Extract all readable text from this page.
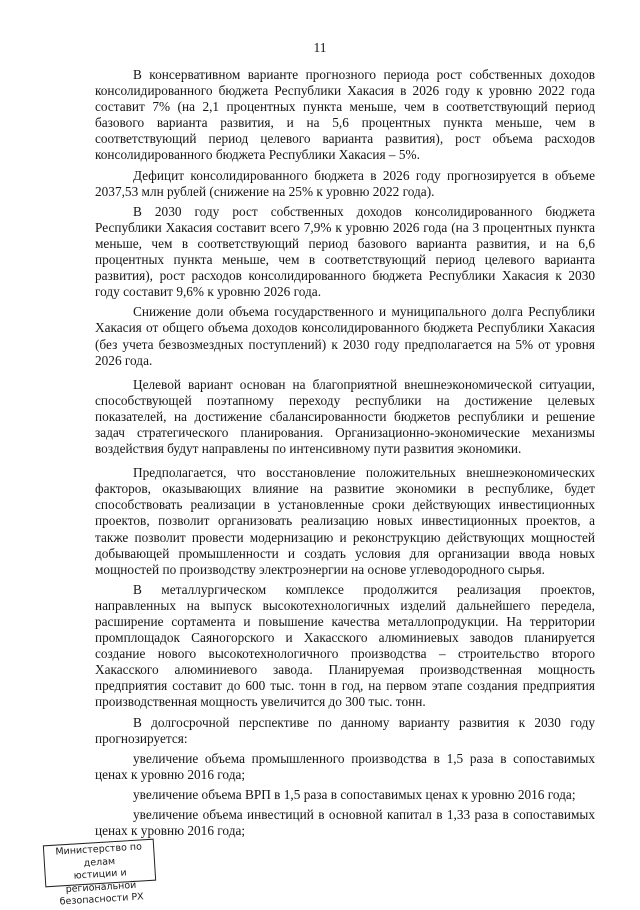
11

В консервативном варианте прогнозного периода рост собственных доходов консолидированного бюджета Республики Хакасия в 2026 году к уровню 2022 года составит 7% (на 2,1 процентных пункта меньше, чем в соответствующий период базового варианта развития, и на 5,6 процентных пункта меньше, чем в соответствующий период целевого варианта развития), рост объема расходов консолидированного бюджета Республики Хакасия – 5%.

Дефицит консолидированного бюджета в 2026 году прогнозируется в объеме 2037,53 млн рублей (снижение на 25% к уровню 2022 года).

В 2030 году рост собственных доходов консолидированного бюджета Республики Хакасия составит всего 7,9% к уровню 2026 года (на 3 процентных пункта меньше, чем в соответствующий период базового варианта развития, и на 6,6 процентных пункта меньше, чем в соответствующий период целевого варианта развития), рост расходов консолидированного бюджета Республики Хакасия к 2030 году составит 9,6% к уровню 2026 года.

Снижение доли объема государственного и муниципального долга Республики Хакасия от общего объема доходов консолидированного бюджета Республики Хакасия (без учета безвозмездных поступлений) к 2030 году предполагается на 5% от уровня 2026 года.

Целевой вариант основан на благоприятной внешнеэкономической ситуации, способствующей поэтапному переходу республики на достижение целевых показателей, на достижение сбалансированности бюджетов республики и решение задач стратегического планирования. Организационно-экономические механизмы воздействия будут направлены по интенсивному пути развития экономики.

Предполагается, что восстановление положительных внешнеэкономических факторов, оказывающих влияние на развитие экономики в республике, будет способствовать реализации в установленные сроки действующих инвестиционных проектов, позволит организовать реализацию новых инвестиционных проектов, а также позволит провести модернизацию и реконструкцию действующих мощностей добывающей промышленности и создать условия для организации ввода новых мощностей по производству электроэнергии на основе углеводородного сырья.

В металлургическом комплексе продолжится реализация проектов, направленных на выпуск высокотехнологичных изделий дальнейшего передела, расширение сортамента и повышение качества металлопродукции. На территории промплощадок Саяногорского и Хакасского алюминиевых заводов планируется создание нового высокотехнологичного производства – строительство второго Хакасского алюминиевого завода. Планируемая производственная мощность предприятия составит до 600 тыс. тонн в год, на первом этапе создания предприятия производственная мощность увеличится до 300 тыс. тонн.

В долгосрочной перспективе по данному варианту развития к 2030 году прогнозируется:

увеличение объема промышленного производства в 1,5 раза в сопоставимых ценах к уровню 2016 года;

увеличение объема ВРП в 1,5 раза в сопоставимых ценах к уровню 2016 года;

увеличение объема инвестиций в основной капитал в 1,33 раза в сопоставимых ценах к уровню 2016 года;

Министерство по делам
юстиции и региональной
безопасности РХ
